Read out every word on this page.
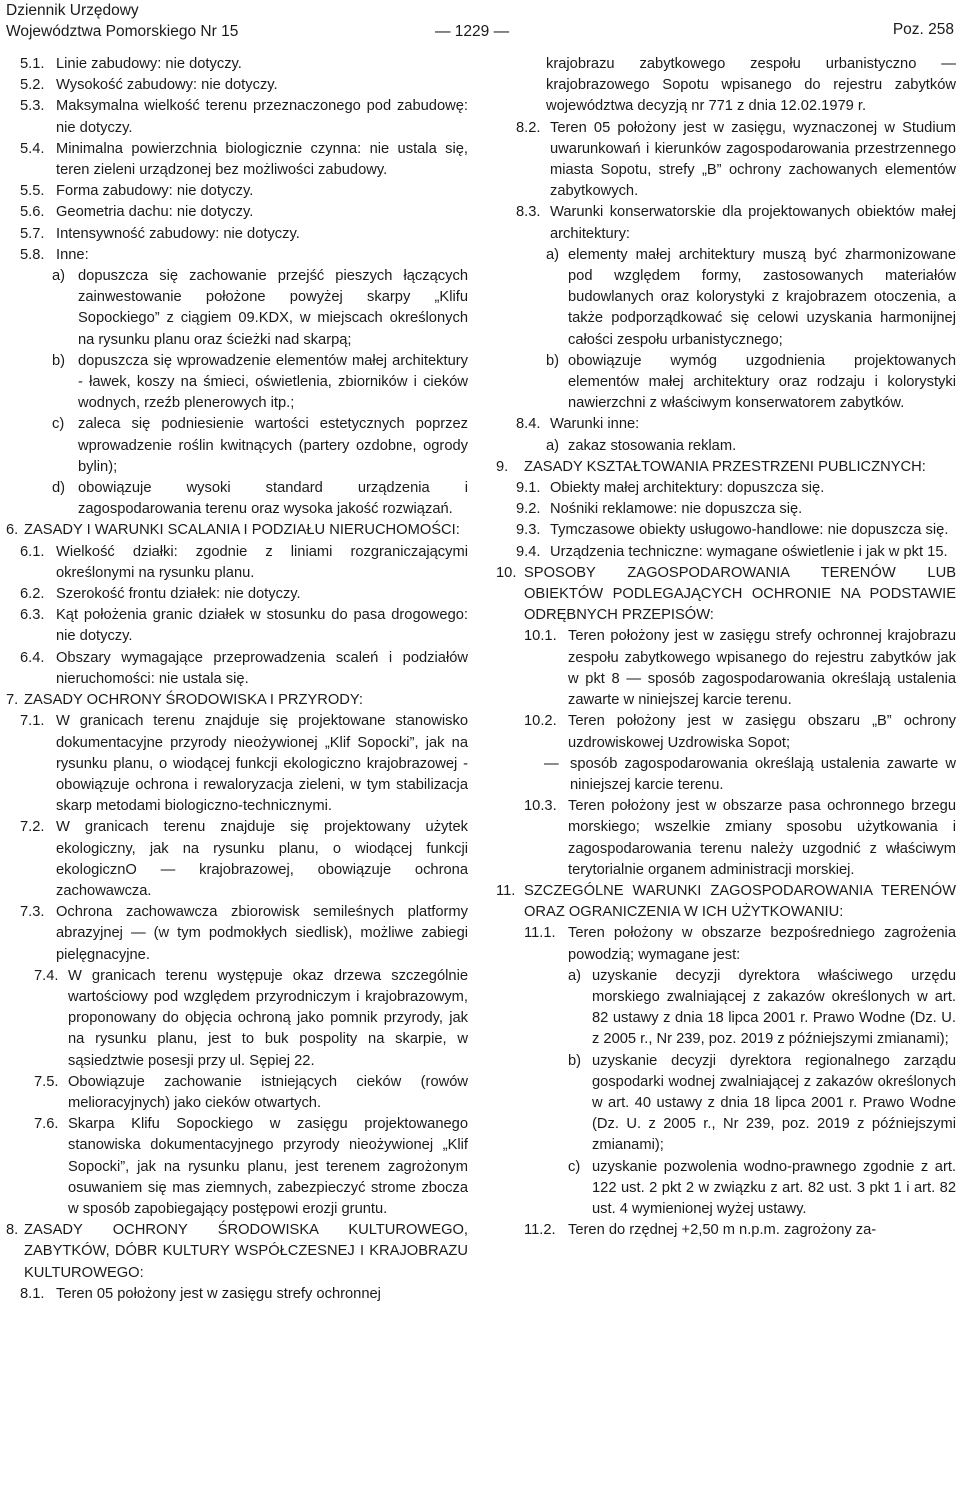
Dziennik Urzędowy
Województwa Pomorskiego Nr 15	— 1229 —	Poz. 258
5.1. Linie zabudowy: nie dotyczy.
5.2. Wysokość zabudowy: nie dotyczy.
5.3. Maksymalna wielkość terenu przeznaczonego pod zabudowę: nie dotyczy.
5.4. Minimalna powierzchnia biologicznie czynna: nie ustala się, teren zieleni urządzonej bez możliwości zabudowy.
5.5. Forma zabudowy: nie dotyczy.
5.6. Geometria dachu: nie dotyczy.
5.7. Intensywność zabudowy: nie dotyczy.
5.8. Inne:
a) dopuszcza się zachowanie przejść pieszych łączących zainwestowanie położone powyżej skarpy „Klifu Sopockiego” z ciągiem 09.KDX, w miejscach określonych na rysunku planu oraz ścieżki nad skarpą;
b) dopuszcza się wprowadzenie elementów małej architektury - ławek, koszy na śmieci, oświetlenia, zbiorników i cieków wodnych, rzeźb plenerowych itp.;
c) zaleca się podniesienie wartości estetycznych poprzez wprowadzenie roślin kwitnących (partery ozdobne, ogrody bylin);
d) obowiązuje wysoki standard urządzenia i zagospodarowania terenu oraz wysoka jakość rozwiązań.
6. ZASADY I WARUNKI SCALANIA I PODZIAŁU NIERUCHOMOŚCI:
6.1. Wielkość działki: zgodnie z liniami rozgraniczającymi określonymi na rysunku planu.
6.2. Szerokość frontu działek: nie dotyczy.
6.3. Kąt położenia granic działek w stosunku do pasa drogowego: nie dotyczy.
6.4. Obszary wymagające przeprowadzenia scaleń i podziałów nieruchomości: nie ustala się.
7. ZASADY OCHRONY ŚRODOWISKA I PRZYRODY:
7.1. W granicach terenu znajduje się projektowane stanowisko dokumentacyjne przyrody nieożywionej „Klif Sopocki”, jak na rysunku planu, o wiodącej funkcji ekologiczno krajobrazowej - obowiązuje ochrona i rewaloryzacja zieleni, w tym stabilizacja skarp metodami biologiczno-technicznymi.
7.2. W granicach terenu znajduje się projektowany użytek ekologiczny, jak na rysunku planu, o wiodącej funkcji ekologicznO — krajobrazowej, obowiązuje ochrona zachowawcza.
7.3. Ochrona zachowawcza zbiorowisk semileśnych platformy abrazyjnej — (w tym podmokłych siedlisk), możliwe zabiegi pielęgnacyjne.
7.4. W granicach terenu występuje okaz drzewa szczególnie wartościowy pod względem przyrodniczym i krajobrazowym, proponowany do objęcia ochroną jako pomnik przyrody, jak na rysunku planu, jest to buk pospolity na skarpie, w sąsiedztwie posesji przy ul. Sępiej 22.
7.5. Obowiązuje zachowanie istniejących cieków (rowów melioracyjnych) jako cieków otwartych.
7.6. Skarpa Klifu Sopockiego w zasięgu projektowanego stanowiska dokumentacyjnego przyrody nieożywionej „Klif Sopocki”, jak na rysunku planu, jest terenem zagrożonym osuwaniem się mas ziemnych, zabezpieczyć strome zbocza w sposób zapobiegający postępowi erozji gruntu.
8. ZASADY OCHRONY ŚRODOWISKA KULTUROWEGO, ZABYTKÓW, DÓBR KULTURY WSPÓŁCZESNEJ I KRAJOBRAZU KULTUROWEGO:
8.1. Teren 05 położony jest w zasięgu strefy ochronnej
krajobrazu zabytkowego zespołu urbanistyczno — krajobrazowego Sopotu wpisanego do rejestru zabytków województwa decyzją nr 771 z dnia 12.02.1979 r.
8.2. Teren 05 położony jest w zasięgu, wyznaczonej w Studium uwarunkowań i kierunków zagospodarowania przestrzennego miasta Sopotu, strefy „B” ochrony zachowanych elementów zabytkowych.
8.3. Warunki konserwatorskie dla projektowanych obiektów małej architektury:
a) elementy małej architektury muszą być zharmonizowane pod względem formy, zastosowanych materiałów budowlanych oraz kolorystyki z krajobrazem otoczenia, a także podporządkować się celowi uzyskania harmonijnej całości zespołu urbanistycznego;
b) obowiązuje wymóg uzgodnienia projektowanych elementów małej architektury oraz rodzaju i kolorystyki nawierzchni z właściwym konserwatorem zabytków.
8.4. Warunki inne:
a) zakaz stosowania reklam.
9. ZASADY KSZTAŁTOWANIA PRZESTRZENI PUBLICZNYCH:
9.1. Obiekty małej architektury: dopuszcza się.
9.2. Nośniki reklamowe: nie dopuszcza się.
9.3. Tymczasowe obiekty usługowo-handlowe: nie dopuszcza się.
9.4. Urządzenia techniczne: wymagane oświetlenie i jak w pkt 15.
10. SPOSOBY ZAGOSPODAROWANIA TERENÓW LUB OBIEKTÓW PODLEGAJĄCYCH OCHRONIE NA PODSTAWIE ODRĘBNYCH PRZEPISÓW:
10.1. Teren położony jest w zasięgu strefy ochronnej krajobrazu zespołu zabytkowego wpisanego do rejestru zabytków jak w pkt 8 — sposób zagospodarowania określają ustalenia zawarte w niniejszej karcie terenu.
10.2. Teren położony jest w zasięgu obszaru „B” ochrony uzdrowiskowej Uzdrowiska Sopot;
— sposób zagospodarowania określają ustalenia zawarte w niniejszej karcie terenu.
10.3. Teren położony jest w obszarze pasa ochronnego brzegu morskiego; wszelkie zmiany sposobu użytkowania i zagospodarowania terenu należy uzgodnić z właściwym terytorialnie organem administracji morskiej.
11. SZCZEGÓLNE WARUNKI ZAGOSPODAROWANIA TERENÓW ORAZ OGRANICZENIA W ICH UŻYTKOWANIU:
11.1. Teren położony w obszarze bezpośredniego zagrożenia powodzią; wymagane jest:
a) uzyskanie decyzji dyrektora właściwego urzędu morskiego zwalniającej z zakazów określonych w art. 82 ustawy z dnia 18 lipca 2001 r. Prawo Wodne (Dz. U. z 2005 r., Nr 239, poz. 2019 z późniejszymi zmianami);
b) uzyskanie decyzji dyrektora regionalnego zarządu gospodarki wodnej zwalniającej z zakazów określonych w art. 40 ustawy z dnia 18 lipca 2001 r. Prawo Wodne (Dz. U. z 2005 r., Nr 239, poz. 2019 z późniejszymi zmianami);
c) uzyskanie pozwolenia wodno-prawnego zgodnie z art. 122 ust. 2 pkt 2 w związku z art. 82 ust. 3 pkt 1 i art. 82 ust. 4 wymienionej wyżej ustawy.
11.2. Teren do rzędnej +2,50 m n.p.m. zagrożony za-
